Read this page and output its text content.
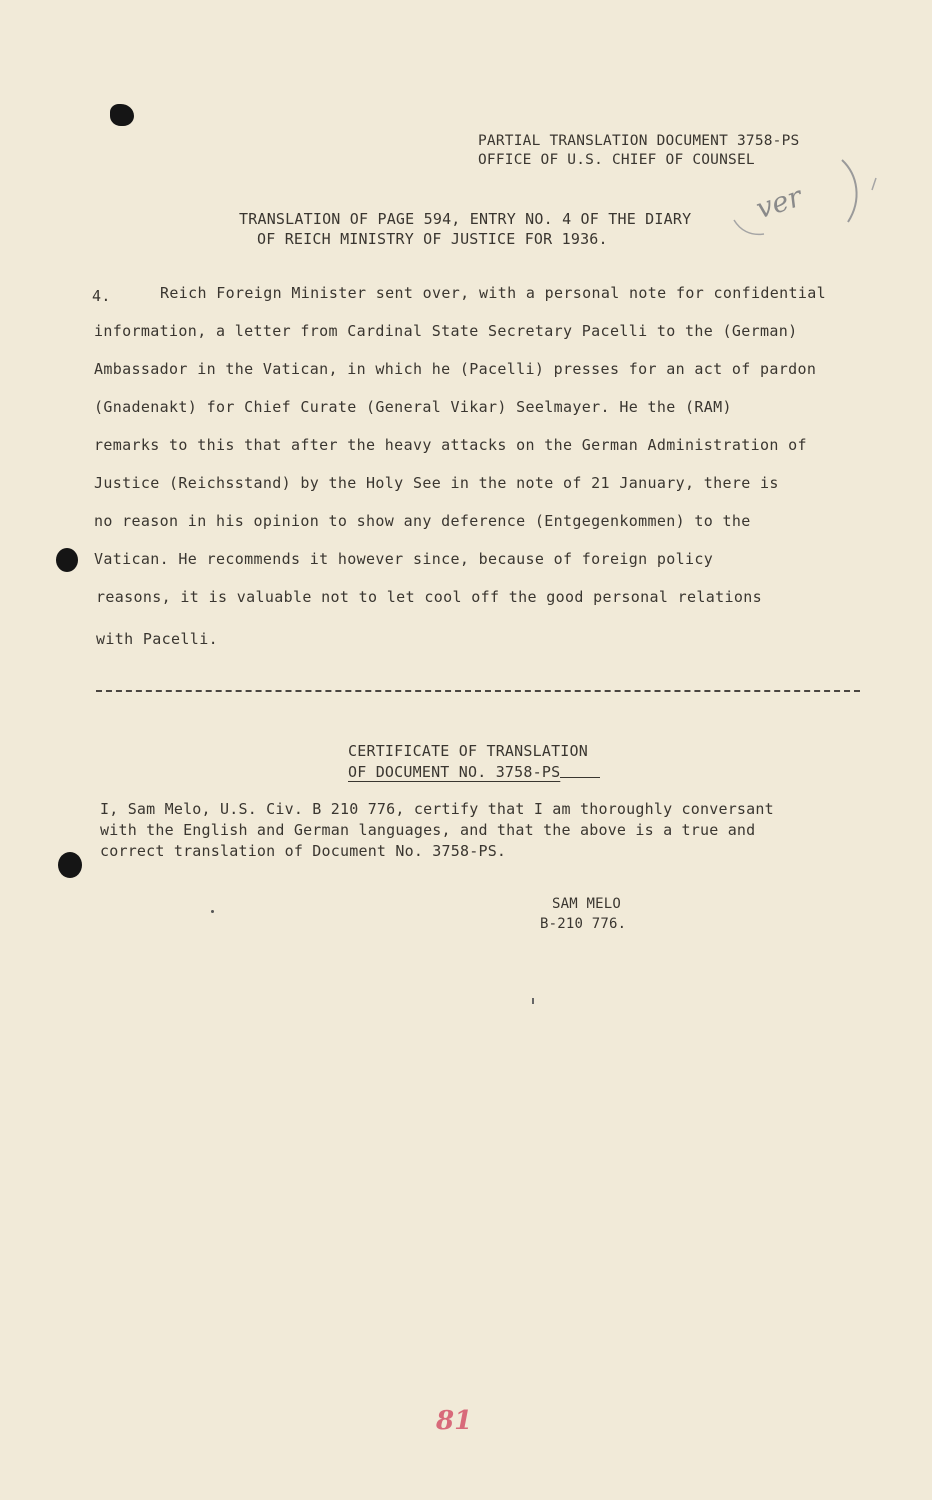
PARTIAL TRANSLATION DOCUMENT 3758-PS
OFFICE OF U.S. CHIEF OF COUNSEL
ver
TRANSLATION OF PAGE 594, ENTRY NO. 4 OF THE DIARY
OF REICH MINISTRY OF JUSTICE FOR 1936.
4.	Reich Foreign Minister sent over, with a personal note for confidential
information, a letter from Cardinal State Secretary Pacelli to the (German)
Ambassador in the Vatican, in which he (Pacelli) presses for an act of pardon
(Gnadenakt) for Chief Curate (General Vikar) Seelmayer. He the (RAM)
remarks to this that after the heavy attacks on the German Administration of
Justice (Reichsstand) by the Holy See in the note of 21 January, there is
no reason in his opinion to show any deference (Entgegenkommen) to the
Vatican. He recommends it however since, because of foreign policy
reasons, it is valuable not to let cool off the good personal relations
with Pacelli.
CERTIFICATE OF TRANSLATION
OF DOCUMENT NO. 3758-PS
I, Sam Melo, U.S. Civ. B 210 776, certify that I am thoroughly conversant
with the English and German languages, and that the above is a true and
correct translation of Document No. 3758-PS.
SAM MELO
B-210 776.
81
